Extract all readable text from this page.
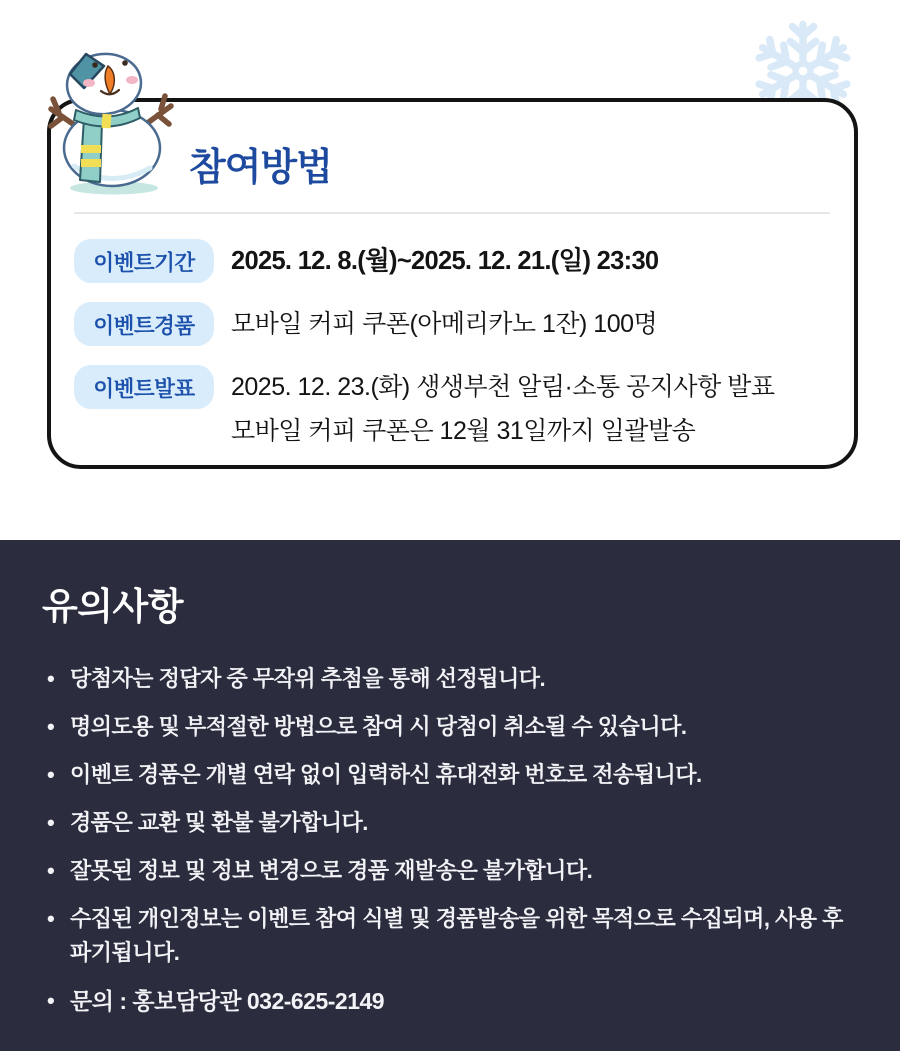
참여방법
이벤트기간	2025. 12. 8.(월)~2025. 12. 21.(일) 23:30
이벤트경품	모바일 커피 쿠폰(아메리카노 1잔) 100명
이벤트발표	2025. 12. 23.(화) 생생부천 알림·소통 공지사항 발표
모바일 커피 쿠폰은 12월 31일까지 일괄발송
유의사항
• 당첨자는 정답자 중 무작위 추첨을 통해 선정됩니다.
• 명의도용 및 부적절한 방법으로 참여 시 당첨이 취소될 수 있습니다.
• 이벤트 경품은 개별 연락 없이 입력하신 휴대전화 번호로 전송됩니다.
• 경품은 교환 및 환불 불가합니다.
• 잘못된 정보 및 정보 변경으로 경품 재발송은 불가합니다.
• 수집된 개인정보는 이벤트 참여 식별 및 경품발송을 위한 목적으로 수집되며, 사용 후 파기됩니다.
• 문의 : 홍보담당관 032-625-2149
